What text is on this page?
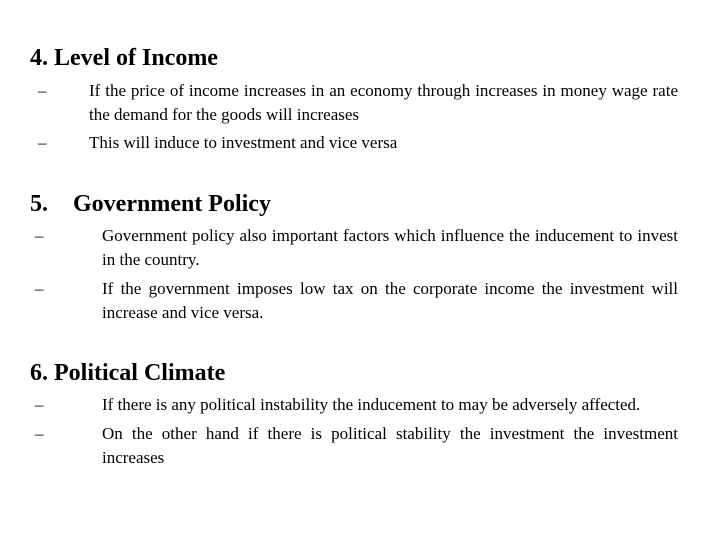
4. Level of Income
–	If the price of income increases in an economy through increases in money wage rate the demand for the goods will increases
–	This will induce to investment and vice versa
5. Government Policy
–	Government policy also important factors which influence the inducement to invest in the country.
–	If the government imposes low tax on the corporate income the investment will increase and vice versa.
6. Political Climate
–	If there is any political instability the inducement to may be adversely affected.
–	On the other hand if there is political stability the investment the investment increases
